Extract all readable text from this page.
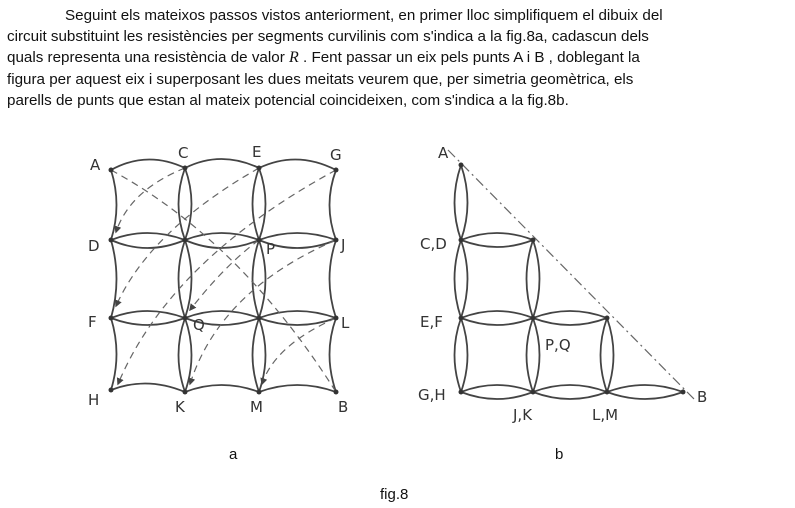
Seguint els mateixos passos vistos anteriorment, en primer lloc simplifiquem el dibuix del
circuit substituint les resistències per segments curvilinis com s'indica a la fig.8a, cadascun dels
quals representa una resistència de valor R . Fent passar un eix pels punts A i B , doblegant la
figura per aquest eix i superposant les dues meitats veurem que, per simetria geomètrica, els
parells de punts que estan al mateix potencial coincideixen, com s'indica a la fig.8b.
A
C	E	G
D	P	J
F	Q	L
H	K	M	B
a
A
C,D
E,F
P,Q
G,H
J,K	L,M
B
b
fig.8
